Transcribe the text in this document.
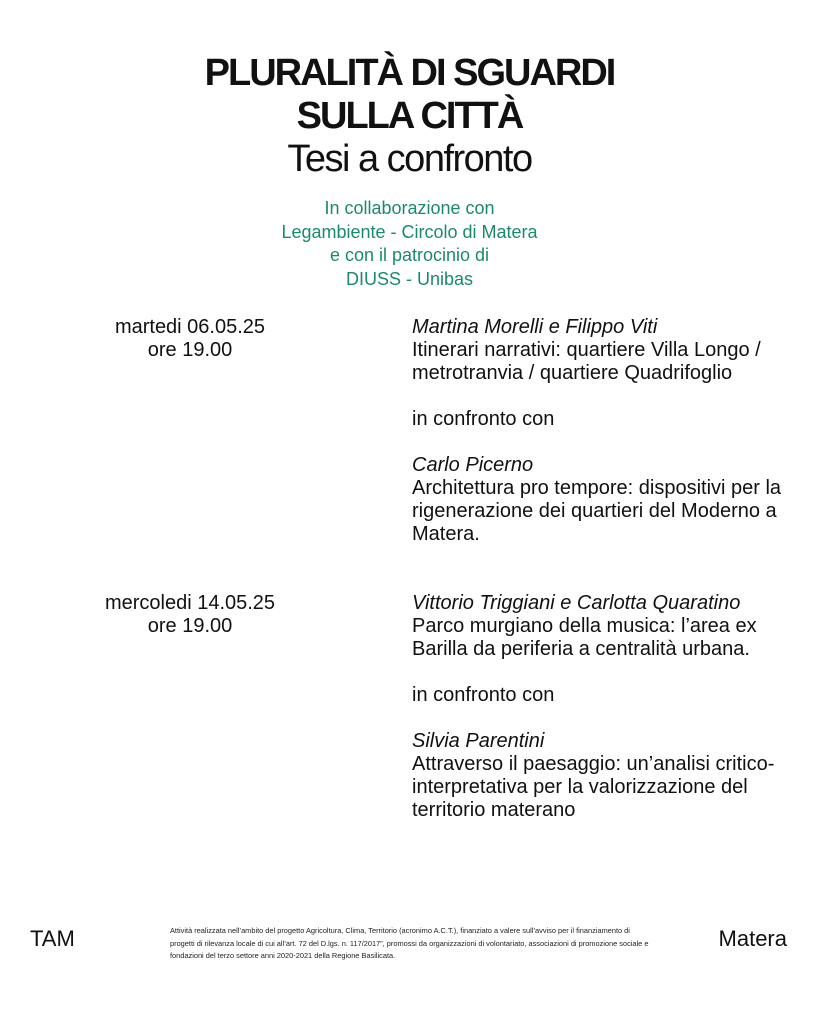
PLURALITÀ DI SGUARDI
SULLA CITTÀ
Tesi a confronto
In collaborazione con
Legambiente - Circolo di Matera
e con il patrocinio di
DIUSS - Unibas
martedi 06.05.25
ore 19.00

Martina Morelli e Filippo Viti

Itinerari narrativi: quartiere Villa Longo / metrotranvia / quartiere Quadrifoglio

in confronto con

Carlo Picerno

Architettura pro tempore: dispositivi per la rigenerazione dei quartieri del Moderno a Matera.

mercoledi 14.05.25
ore 19.00

Vittorio Triggiani e Carlotta Quaratino

Parco murgiano della musica: l’area ex Barilla da periferia a centralità urbana.

in confronto con

Silvia Parentini

Attraverso il paesaggio: un’analisi critico-interpretativa per la valorizzazione del territorio materano

TAM	Attività realizzata nell’ambito del progetto Agricoltura, Clima, Territorio (acronimo A.C.T.), finanziato a valere sull’avviso per il finanziamento di progetti di rilevanza locale di cui all’art. 72 del D.lgs. n. 117/2017”, promossi da organizzazioni di volontariato, associazioni di promozione sociale e fondazioni del terzo settore anni 2020-2021 della Regione Basilicata.
Matera
